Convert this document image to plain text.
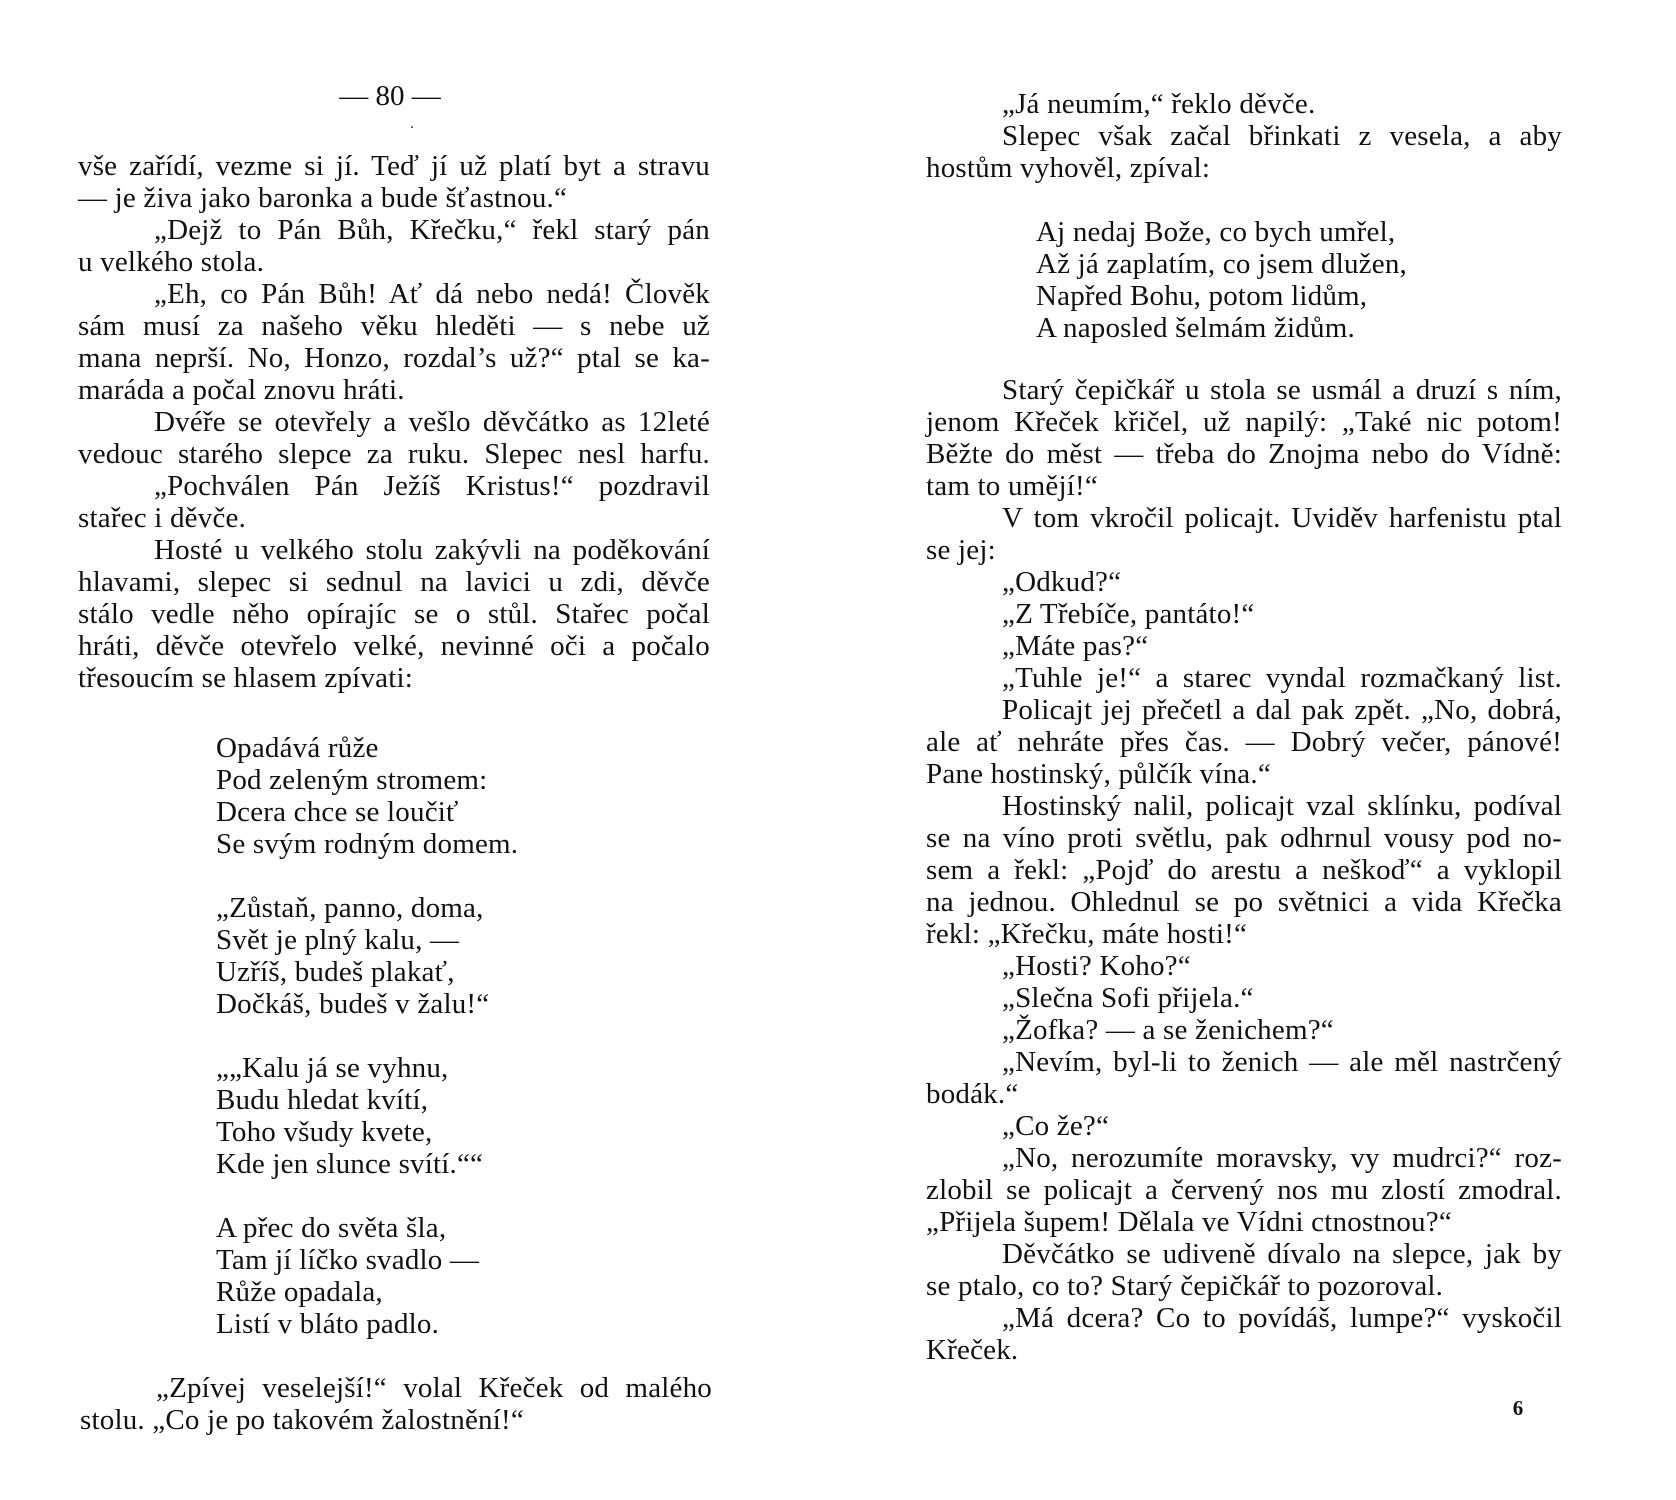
— 80 —
.
vše zařídí, vezme si jí. Teď jí už platí byt a stravu
— je živa jako baronka a bude šťastnou.“
„Dejž to Pán Bůh, Křečku,“ řekl starý pán
u velkého stola.
„Eh, co Pán Bůh! Ať dá nebo nedá! Člověk
sám musí za našeho věku hleděti — s nebe už
mana neprší. No, Honzo, rozdal’s už?“ ptal se ka-
maráda a počal znovu hráti.
Dvéře se otevřely a vešlo děvčátko as 12leté
vedouc starého slepce za ruku. Slepec nesl harfu.
„Pochválen Pán Ježíš Kristus!“ pozdravil
stařec i děvče.
Hosté u velkého stolu zakývli na poděkování
hlavami, slepec si sednul na lavici u zdi, děvče
stálo vedle něho opírajíc se o stůl. Stařec počal
hráti, děvče otevřelo velké, nevinné oči a počalo
třesoucím se hlasem zpívati:
Opadává růže
Pod zeleným stromem:
Dcera chce se loučiť
Se svým rodným domem.
„Zůstaň, panno, doma,
Svět je plný kalu, —
Uzříš, budeš plakať,
Dočkáš, budeš v žalu!“
„„Kalu já se vyhnu,
Budu hledat kvítí,
Toho všudy kvete,
Kde jen slunce svítí.““
A přec do světa šla,
Tam jí líčko svadlo —
Růže opadala,
Listí v bláto padlo.
„Zpívej veselejší!“ volal Křeček od malého
stolu. „Co je po takovém žalostnění!“
„Já neumím,“ řeklo děvče.
Slepec však začal břinkati z vesela, a aby
hostům vyhověl, zpíval:
Aj nedaj Bože, co bych umřel,
Až já zaplatím, co jsem dlužen,
Napřed Bohu, potom lidům,
A naposled šelmám židům.
Starý čepičkář u stola se usmál a druzí s ním,
jenom Křeček křičel, už napilý: „Také nic potom!
Běžte do měst — třeba do Znojma nebo do Vídně:
tam to umějí!“
V tom vkročil policajt. Uviděv harfenistu ptal
se jej:
„Odkud?“
„Z Třebíče, pantáto!“
„Máte pas?“
„Tuhle je!“ a starec vyndal rozmačkaný list.
Policajt jej přečetl a dal pak zpět. „No, dobrá,
ale ať nehráte přes čas. — Dobrý večer, pánové!
Pane hostinský, půlčík vína.“
Hostinský nalil, policajt vzal sklínku, podíval
se na víno proti světlu, pak odhrnul vousy pod no-
sem a řekl: „Pojď do arestu a neškoď“ a vyklopil
na jednou. Ohlednul se po světnici a vida Křečka
řekl: „Křečku, máte hosti!“
„Hosti? Koho?“
„Slečna Sofi přijela.“
„Žofka? — a se ženichem?“
„Nevím, byl-li to ženich — ale měl nastrčený
bodák.“
„Co že?“
„No, nerozumíte moravsky, vy mudrci?“ roz-
zlobil se policajt a červený nos mu zlostí zmodral.
„Přijela šupem! Dělala ve Vídni ctnostnou?“
Děvčátko se udiveně dívalo na slepce, jak by
se ptalo, co to? Starý čepičkář to pozoroval.
„Má dcera? Co to povídáš, lumpe?“ vyskočil
Křeček.
6
